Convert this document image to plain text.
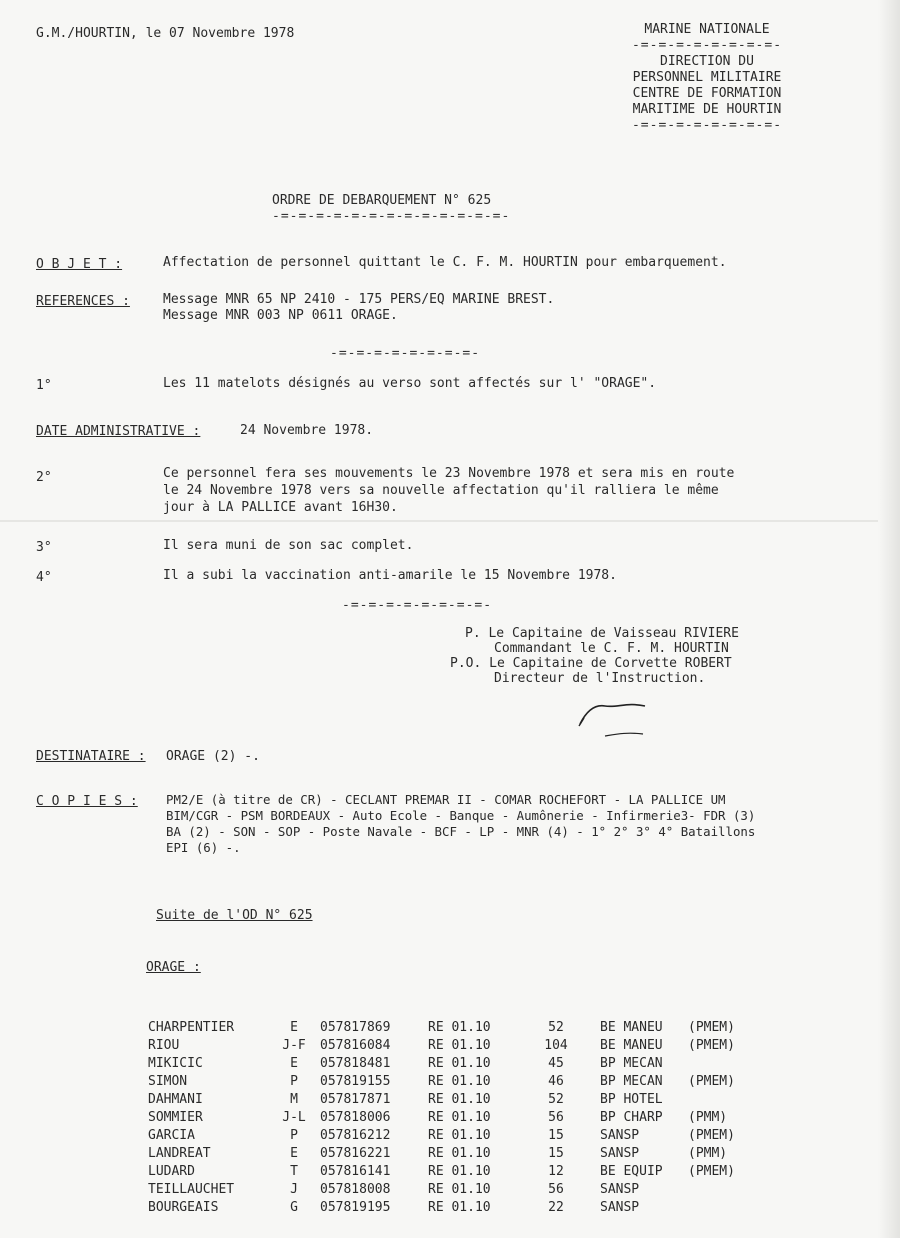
G.M./HOURTIN, le 07 Novembre 1978	MARINE NATIONALE
-=-=-=-=-=-=-=-=-
DIRECTION DU
PERSONNEL MILITAIRE
CENTRE DE FORMATION
MARITIME DE HOURTIN
-=-=-=-=-=-=-=-=-
ORDRE DE DEBARQUEMENT N° 625
-=-=-=-=-=-=-=-=-=-=-=-=-=-
O B J E T :	Affectation de personnel quittant le C. F. M. HOURTIN pour embarquement.
REFERENCES :	Message MNR 65 NP 2410 - 175 PERS/EQ MARINE BREST.
Message MNR 003 NP 0611 ORAGE.
-=-=-=-=-=-=-=-=-
1°	Les 11 matelots désignés au verso sont affectés sur l' "ORAGE".
DATE ADMINISTRATIVE :	24 Novembre 1978.
2°	Ce personnel fera ses mouvements le 23 Novembre 1978 et sera mis en route
le 24 Novembre 1978 vers sa nouvelle affectation qu'il ralliera le même
jour à LA PALLICE avant 16H30.
3°	Il sera muni de son sac complet.
4°	Il a subi la vaccination anti-amarile le 15 Novembre 1978.
-=-=-=-=-=-=-=-=-
P. Le Capitaine de Vaisseau RIVIERE
Commandant le C. F. M. HOURTIN
P.O. Le Capitaine de Corvette ROBERT
Directeur de l'Instruction.
DESTINATAIRE : ORAGE (2) -.
C O P I E S : PM2/E (à titre de CR) - CECLANT PREMAR II - COMAR ROCHEFORT - LA PALLICE UM
BIM/CGR - PSM BORDEAUX - Auto Ecole - Banque - Aumônerie - Infirmerie3- FDR (3)
BA (2) - SON - SOP - Poste Navale - BCF - LP - MNR (4) - 1° 2° 3° 4° Bataillons
EPI (6) -.
Suite de l'OD N° 625
ORAGE :
CHARPENTIER	E	057817869	RE 01.10	52	BE MANEU	(PMEM)
RIOU	J-F	057816084	RE 01.10	104	BE MANEU	(PMEM)
MIKICIC	E	057818481	RE 01.10	45	BP MECAN	
SIMON	P	057819155	RE 01.10	46	BP MECAN	(PMEM)
DAHMANI	M	057817871	RE 01.10	52	BP HOTEL	
SOMMIER	J-L	057818006	RE 01.10	56	BP CHARP	(PMM)
GARCIA	P	057816212	RE 01.10	15	SANSP	(PMEM)
LANDREAT	E	057816221	RE 01.10	15	SANSP	(PMM)
LUDARD	T	057816141	RE 01.10	12	BE EQUIP	(PMEM)
TEILLAUCHET	J	057818008	RE 01.10	56	SANSP	
BOURGEAIS	G	057819195	RE 01.10	22	SANSP	
